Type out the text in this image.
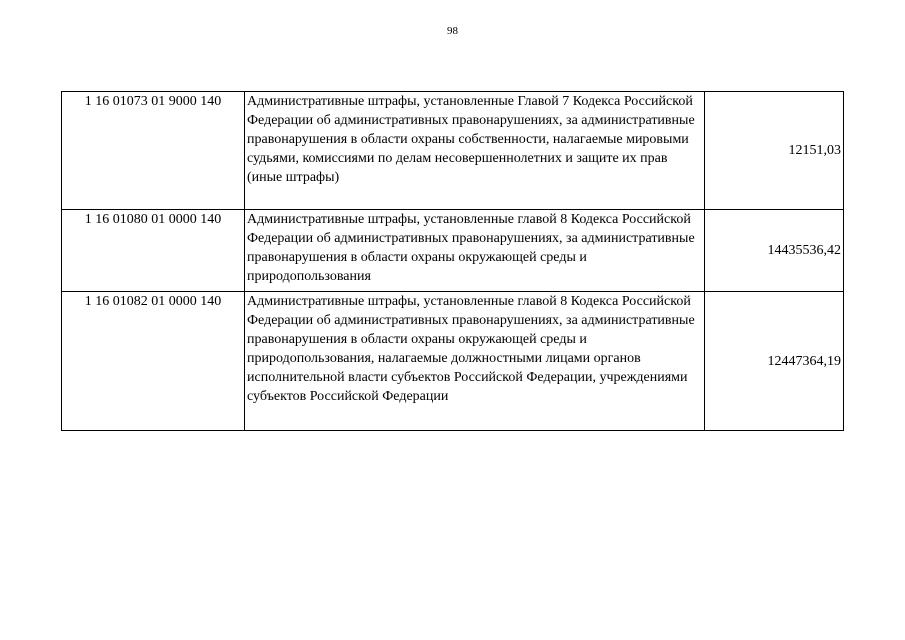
98
1 16 01073 01 9000 140	Административные штрафы, установленные Главой 7 Кодекса Российской Федерации об административных правонарушениях, за административные правонарушения в области охраны собственности, налагаемые мировыми судьями, комиссиями по делам несовершеннолетних и защите их прав (иные штрафы)	12151,03
1 16 01080 01 0000 140	Административные штрафы, установленные главой 8 Кодекса Российской Федерации об административных правонарушениях, за административные правонарушения в области охраны окружающей среды и природопользования	14435536,42
1 16 01082 01 0000 140	Административные штрафы, установленные главой 8 Кодекса Российской Федерации об административных правонарушениях, за административные правонарушения в области охраны окружающей среды и природопользования, налагаемые должностными лицами органов исполнительной власти субъектов Российской Федерации, учреждениями субъектов Российской Федерации	12447364,19
